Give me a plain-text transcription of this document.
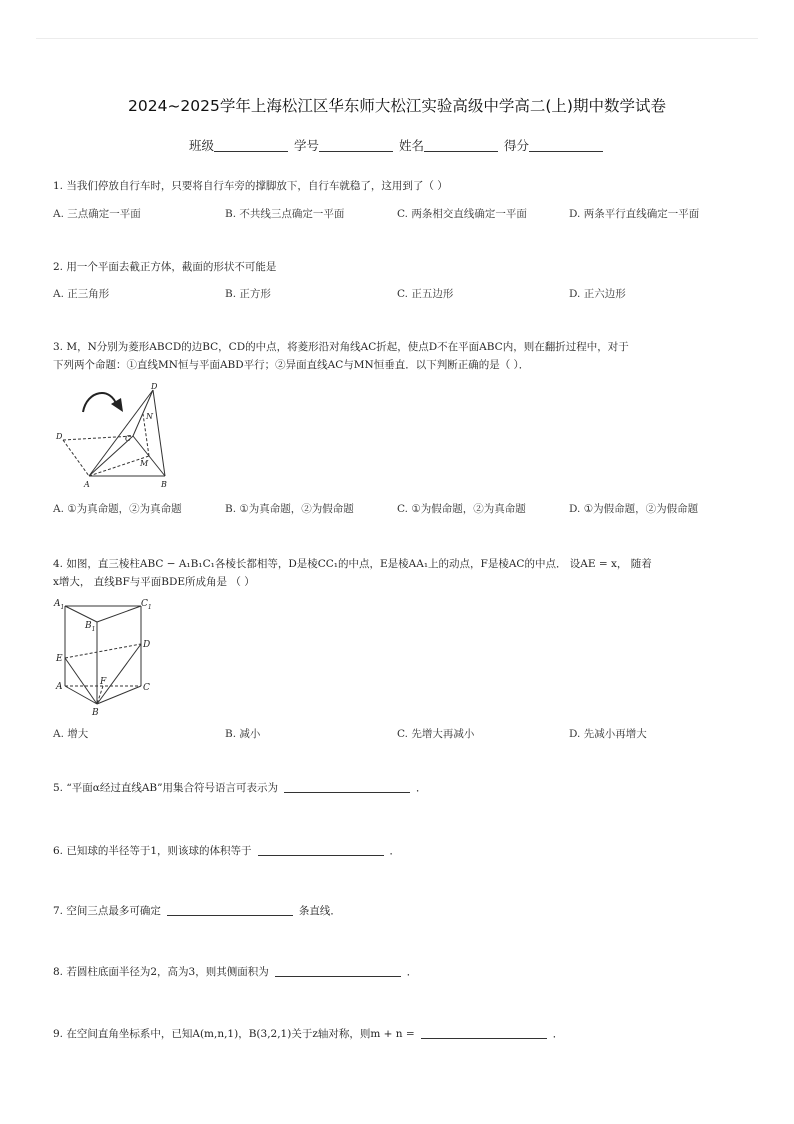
2024~2025学年上海松江区华东师大松江实验高级中学高二(上)期中数学试卷
班级	学号	姓名	得分
1. 当我们停放自行车时，只要将自行车旁的撑脚放下，自行车就稳了，这用到了（ ）
A. 三点确定一平面	B. 不共线三点确定一平面	C. 两条相交直线确定一平面	D. 两条平行直线确定一平面
2. 用一个平面去截正方体，截面的形状不可能是
A. 正三角形	B. 正方形	C. 正五边形	D. 正六边形
3. M，N分别为菱形ABCD的边BC，CD的中点，将菱形沿对角线AC折起，使点D不在平面ABC内，则在翻折过程中，对于
下列两个命题：①直线MN恒与平面ABD平行；②异面直线AC与MN恒垂直．以下判断正确的是（ ）．
D
N
D	C
M
A	B
A. ①为真命题，②为真命题	B. ①为真命题，②为假命题	C. ①为假命题，②为真命题	D. ①为假命题，②为假命题
4. 如图，直三棱柱ABC − A₁B₁C₁各棱长都相等，D是棱CC₁的中点，E是棱AA₁上的动点，F是棱AC的中点． 设AE = x， 随着
x增大， 直线BF与平面BDE所成角是 （ ）
$A_1$	$C_1$
$B_1$
D
E
A	F
C
B
A. 增大	B. 减小	C. 先增大再减小	D. 先减小再增大
5. “平面α经过直线AB”用集合符号语言可表示为	．
6. 已知球的半径等于1，则该球的体积等于	．
7. 空间三点最多可确定	条直线．
8. 若圆柱底面半径为2，高为3，则其侧面积为	．
9. 在空间直角坐标系中，已知A(m,n,1)，B(3,2,1)关于z轴对称，则m + n =	．
